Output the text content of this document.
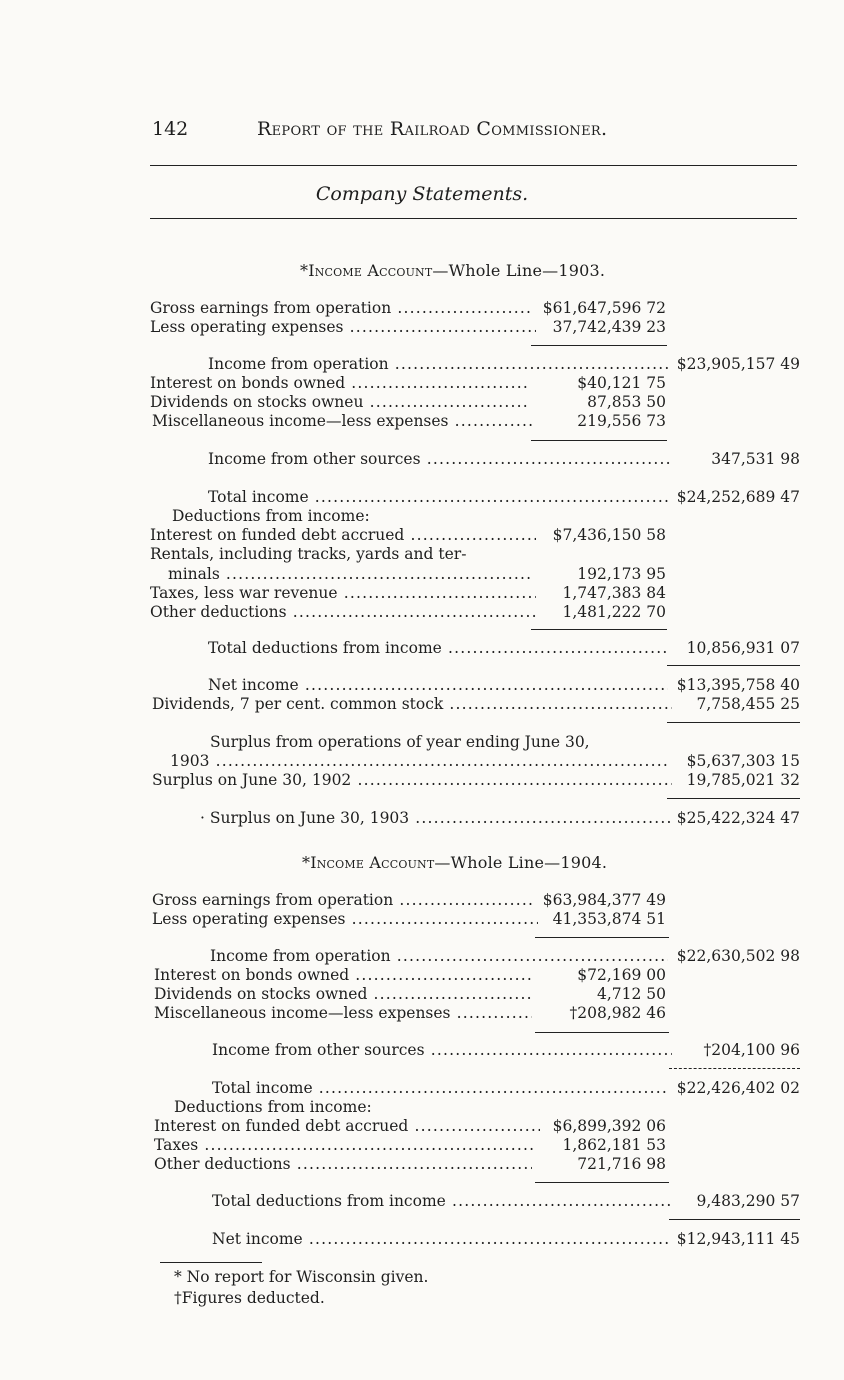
142	Report of the Railroad Commissioner.
Company Statements.
*Income Account—Whole Line—1903.
Gross earnings from operation .....	$61,647,596 72
Less operating expenses .....	37,742,439 23
Income from operation .....	$23,905,157 49
Interest on bonds owned .....	$40,121 75
Dividends on stocks owneu .....	87,853 50
Miscellaneous income—less expenses .....	219,556 73
Income from other sources .....	347,531 98
Total income .....	$24,252,689 47
Deductions from income:
Interest on funded debt accrued .....	$7,436,150 58
Rentals, including tracks, yards and ter-
minals .....	192,173 95
Taxes, less war revenue .....	1,747,383 84
Other deductions .....	1,481,222 70
Total deductions from income .....	10,856,931 07
Net income .....	$13,395,758 40
Dividends, 7 per cent. common stock .....	7,758,455 25
Surplus from operations of year ending June 30,
1903 .....	$5,637,303 15
Surplus on June 30, 1902 .....	19,785,021 32
· Surplus on June 30, 1903 .....	$25,422,324 47
*Income Account—Whole Line—1904.
Gross earnings from operation .....	$63,984,377 49
Less operating expenses .....	41,353,874 51
Income from operation .....	$22,630,502 98
Interest on bonds owned .....	$72,169 00
Dividends on stocks owned .....	4,712 50
Miscellaneous income—less expenses .....	†208,982 46
Income from other sources .....	†204,100 96
Total income .....	$22,426,402 02
Deductions from income:
Interest on funded debt accrued .....	$6,899,392 06
Taxes .....	1,862,181 53
Other deductions .....	721,716 98
Total deductions from income .....	9,483,290 57
Net income .....	$12,943,111 45
* No report for Wisconsin given.
†Figures deducted.
